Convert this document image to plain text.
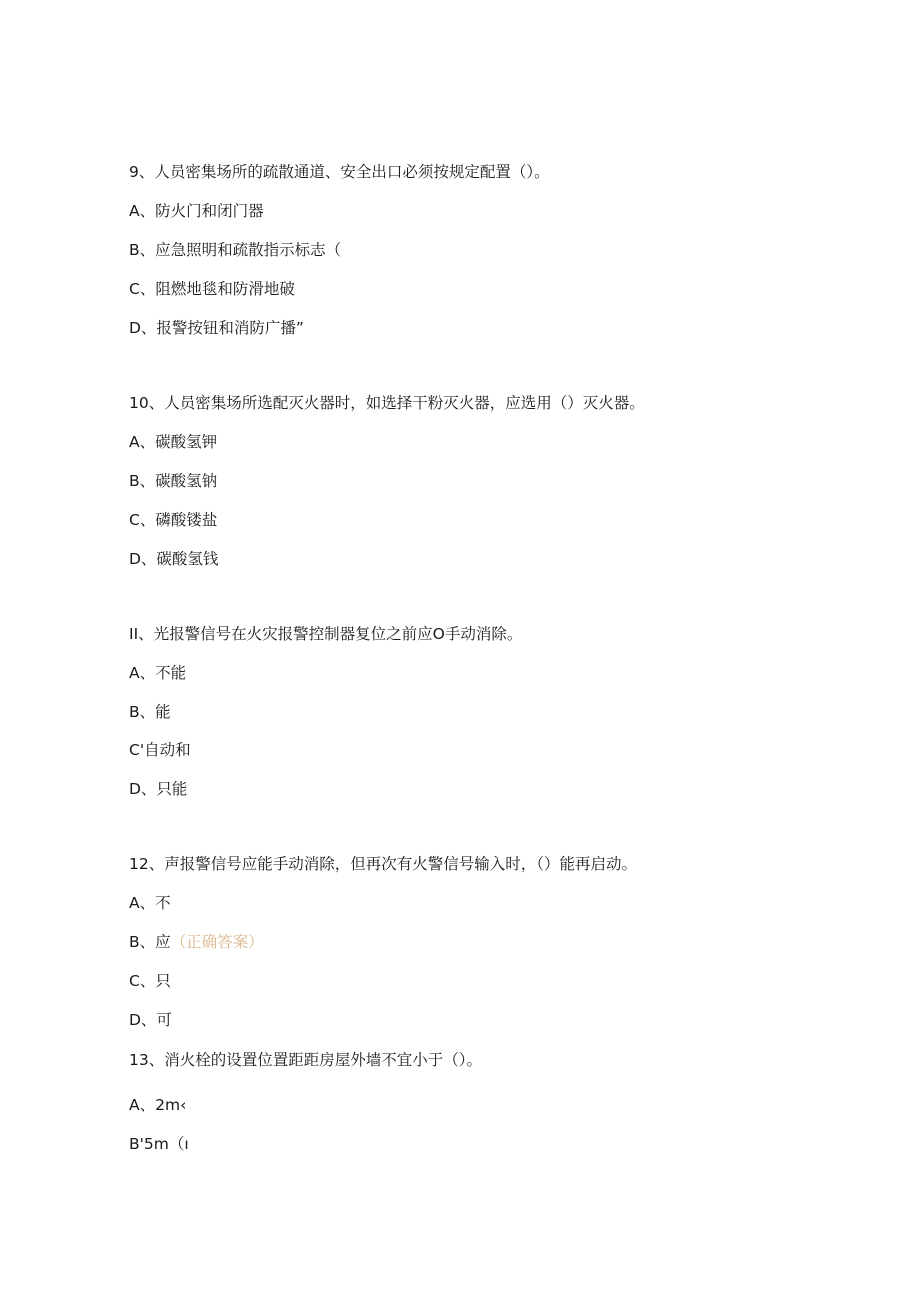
9、人员密集场所的疏散通道、安全出口必须按规定配置（）。
A、防火门和闭门器
B、应急照明和疏散指示标志（
C、阻燃地毯和防滑地破
D、报警按钮和消防广播”
10、人员密集场所选配灭火器时，如选择干粉灭火器，应选用（）灭火器。
A、碳酸氢钾
B、碳酸氢钠
C、磷酸镂盐
D、碳酸氢钱
II、光报警信号在火灾报警控制器复位之前应O手动消除。
A、不能
B、能
C'自动和
D、只能
12、声报警信号应能手动消除，但再次有火警信号输入时，（）能再启动。
A、不
B、应（正确答案）
C、只
D、可
13、消火栓的设置位置距距房屋外墙不宜小于（）。
A、2m‹
B'5m（ı
